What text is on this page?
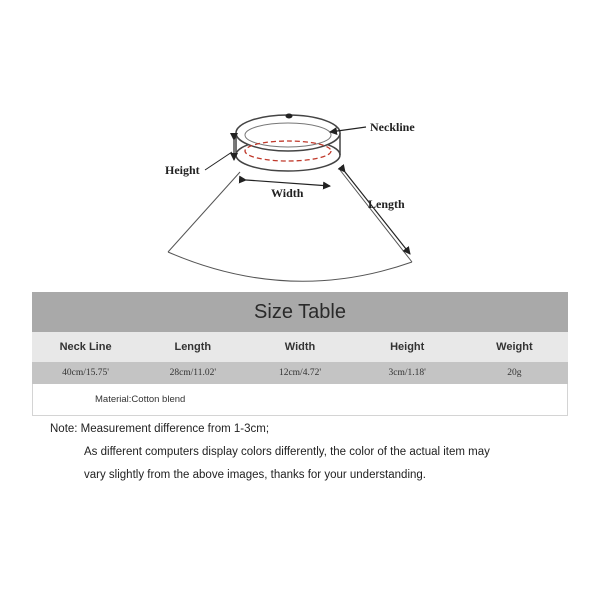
Neckline
Height
Width
Length
Size Table
Neck Line	Length	Width	Height	Weight
40cm/15.75'	28cm/11.02'	12cm/4.72'	3cm/1.18'	20g
Material:Cotton blend
Note: Measurement difference from 1-3cm;
As different computers display colors differently, the color of the actual item may
vary slightly from the above images, thanks for your understanding.
